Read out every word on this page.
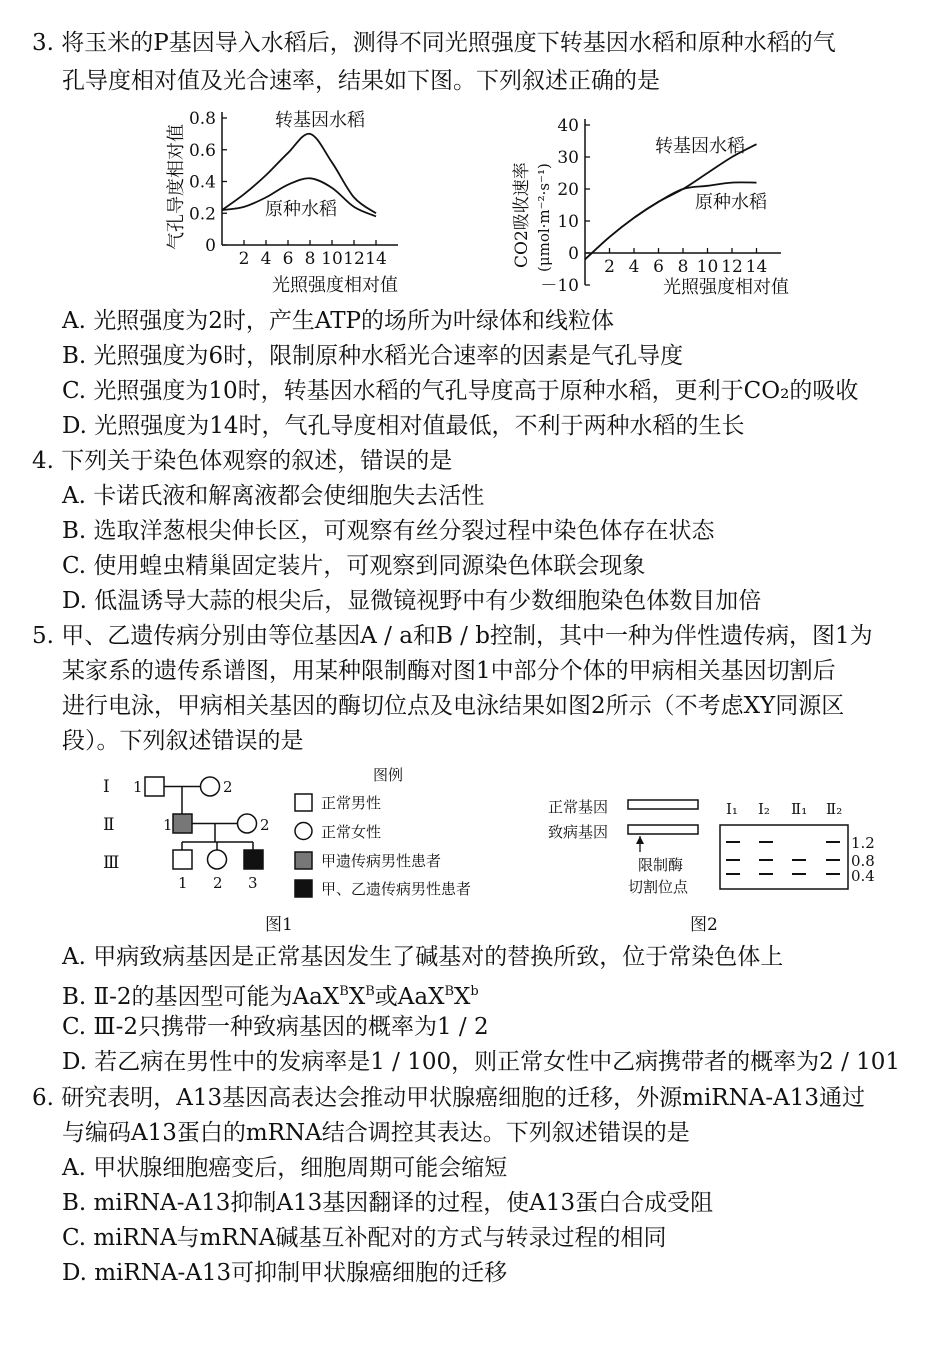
3. 将玉米的P基因导入水稻后，测得不同光照强度下转基因水稻和原种水稻的气
孔导度相对值及光合速率，结果如下图。下列叙述正确的是
0
0.2
0.4
0.6
0.8
2 4 6 8 10 12 14
转基因水稻
原种水稻
光照强度相对值
气孔导度相对值
－10
0
10
20
30
40
2 4 6 8 10 12 14
转基因水稻
原种水稻
光照强度相对值
CO2吸收速率 (μmol·m⁻²·s⁻¹)
A. 光照强度为2时，产生ATP的场所为叶绿体和线粒体
B. 光照强度为6时，限制原种水稻光合速率的因素是气孔导度
C. 光照强度为10时，转基因水稻的气孔导度高于原种水稻，更利于CO₂的吸收
D. 光照强度为14时，气孔导度相对值最低，不利于两种水稻的生长
4. 下列关于染色体观察的叙述，错误的是
A. 卡诺氏液和解离液都会使细胞失去活性
B. 选取洋葱根尖伸长区，可观察有丝分裂过程中染色体存在状态
C. 使用蝗虫精巢固定装片，可观察到同源染色体联会现象
D. 低温诱导大蒜的根尖后，显微镜视野中有少数细胞染色体数目加倍
5. 甲、乙遗传病分别由等位基因A / a和B / b控制，其中一种为伴性遗传病，图1为
某家系的遗传系谱图，用某种限制酶对图1中部分个体的甲病相关基因切割后
进行电泳，甲病相关基因的酶切位点及电泳结果如图2所示（不考虑XY同源区
段）。下列叙述错误的是
Ⅰ
Ⅱ
Ⅲ
1	2
1	2
1 2 3
图例
正常男性
正常女性
甲遗传病男性患者
甲、乙遗传病男性患者
图1
正常基因
致病基因
限制酶
切割位点
Ⅰ₁ Ⅰ₂ Ⅱ₁ Ⅱ₂
1.2
0.8
0.4
图2
A. 甲病致病基因是正常基因发生了碱基对的替换所致，位于常染色体上
B. Ⅱ-2的基因型可能为$AaX^BX^B$或$AaX^BX^b$
C. Ⅲ-2只携带一种致病基因的概率为1 / 2
D. 若乙病在男性中的发病率是1 / 100，则正常女性中乙病携带者的概率为2 / 101
6. 研究表明，A13基因高表达会推动甲状腺癌细胞的迁移，外源miRNA-A13通过
与编码A13蛋白的mRNA结合调控其表达。下列叙述错误的是
A. 甲状腺细胞癌变后，细胞周期可能会缩短
B. miRNA-A13抑制A13基因翻译的过程，使A13蛋白合成受阻
C. miRNA与mRNA碱基互补配对的方式与转录过程的相同
D. miRNA-A13可抑制甲状腺癌细胞的迁移
